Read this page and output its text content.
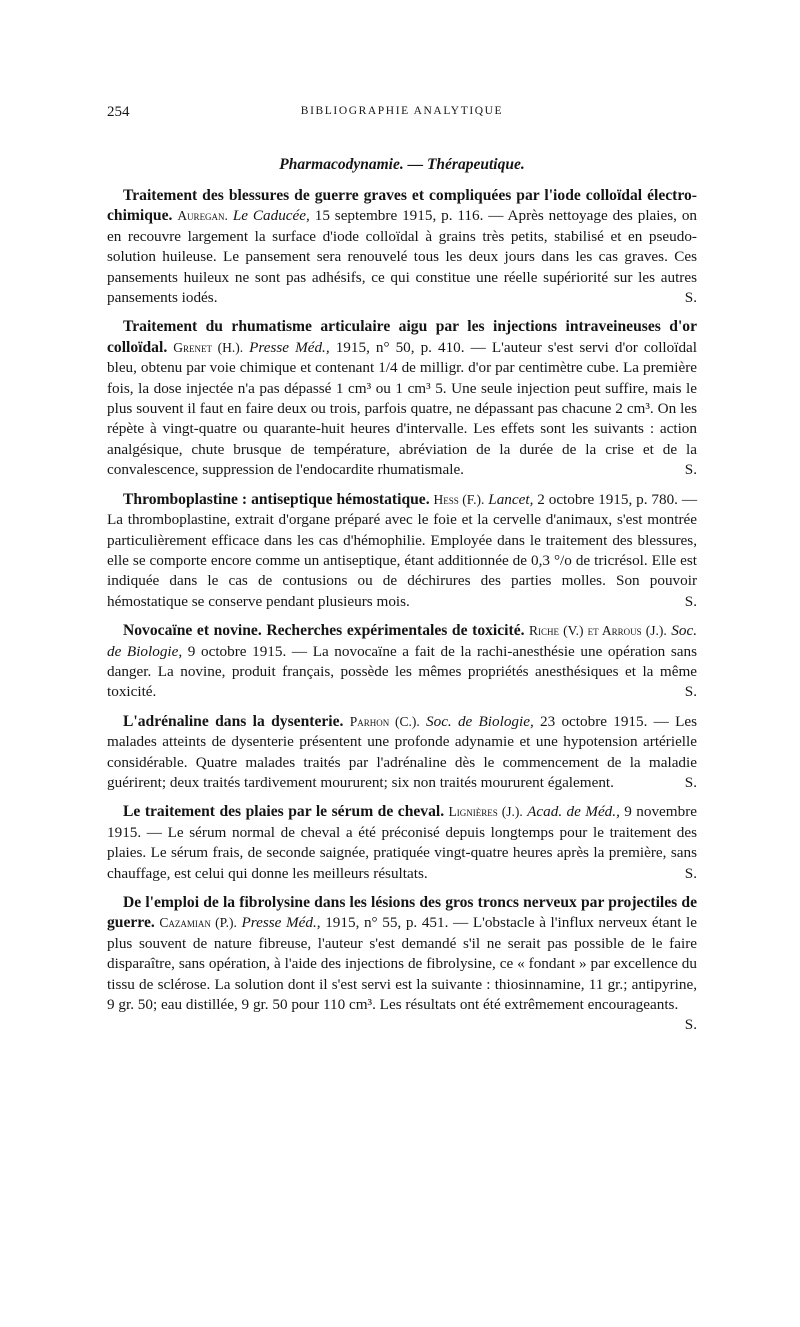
254	BIBLIOGRAPHIE ANALYTIQUE
Pharmacodynamie. — Thérapeutique.

Traitement des blessures de guerre graves et compliquées par l'iode colloïdal électro-chimique. Auregan. Le Caducée, 15 septembre 1915, p. 116. — Après nettoyage des plaies, on en recouvre largement la surface d'iode colloïdal à grains très petits, stabilisé et en pseudo-solution huileuse. Le pansement sera renouvelé tous les deux jours dans les cas graves. Ces pansements huileux ne sont pas adhésifs, ce qui constitue une réelle supériorité sur les autres pansements iodés.	S.

Traitement du rhumatisme articulaire aigu par les injections intraveineuses d'or colloïdal. Grenet (H.). Presse Méd., 1915, n° 50, p. 410. — L'auteur s'est servi d'or colloïdal bleu, obtenu par voie chimique et contenant 1/4 de milligr. d'or par centimètre cube. La première fois, la dose injectée n'a pas dépassé 1 cm³ ou 1 cm³ 5. Une seule injection peut suffire, mais le plus souvent il faut en faire deux ou trois, parfois quatre, ne dépassant pas chacune 2 cm³. On les répète à vingt-quatre ou quarante-huit heures d'intervalle. Les effets sont les suivants : action analgésique, chute brusque de température, abréviation de la durée de la crise et de la convalescence, suppression de l'endocardite rhumatismale.	S.

Thromboplastine : antiseptique hémostatique. Hess (F.). Lancet, 2 octobre 1915, p. 780. — La thromboplastine, extrait d'organe préparé avec le foie et la cervelle d'animaux, s'est montrée particulièrement efficace dans les cas d'hémophilie. Employée dans le traitement des blessures, elle se comporte encore comme un antiseptique, étant additionnée de 0,3 °/o de tricrésol. Elle est indiquée dans le cas de contusions ou de déchirures des parties molles. Son pouvoir hémostatique se conserve pendant plusieurs mois.	S.

Novocaïne et novine. Recherches expérimentales de toxicité. Riche (V.) et Arrous (J.). Soc. de Biologie, 9 octobre 1915. — La novocaïne a fait de la rachi-anesthésie une opération sans danger. La novine, produit français, possède les mêmes propriétés anesthésiques et la même toxicité.	S.

L'adrénaline dans la dysenterie. Parhon (C.). Soc. de Biologie, 23 octobre 1915. — Les malades atteints de dysenterie présentent une profonde adynamie et une hypotension artérielle considérable. Quatre malades traités par l'adrénaline dès le commencement de la maladie guérirent; deux traités tardivement moururent; six non traités moururent également.	S.

Le traitement des plaies par le sérum de cheval. Lignières (J.). Acad. de Méd., 9 novembre 1915. — Le sérum normal de cheval a été préconisé depuis longtemps pour le traitement des plaies. Le sérum frais, de seconde saignée, pratiquée vingt-quatre heures après la première, sans chauffage, est celui qui donne les meilleurs résultats.	S.

De l'emploi de la fibrolysine dans les lésions des gros troncs nerveux par projectiles de guerre. Cazamian (P.). Presse Méd., 1915, n° 55, p. 451. — L'obstacle à l'influx nerveux étant le plus souvent de nature fibreuse, l'auteur s'est demandé s'il ne serait pas possible de le faire disparaître, sans opération, à l'aide des injections de fibrolysine, ce « fondant » par excellence du tissu de sclérose. La solution dont il s'est servi est la suivante : thiosinnamine, 11 gr.; antipyrine, 9 gr. 50; eau distillée, 9 gr. 50 pour 110 cm³. Les résultats ont été extrêmement encourageants.
S.
